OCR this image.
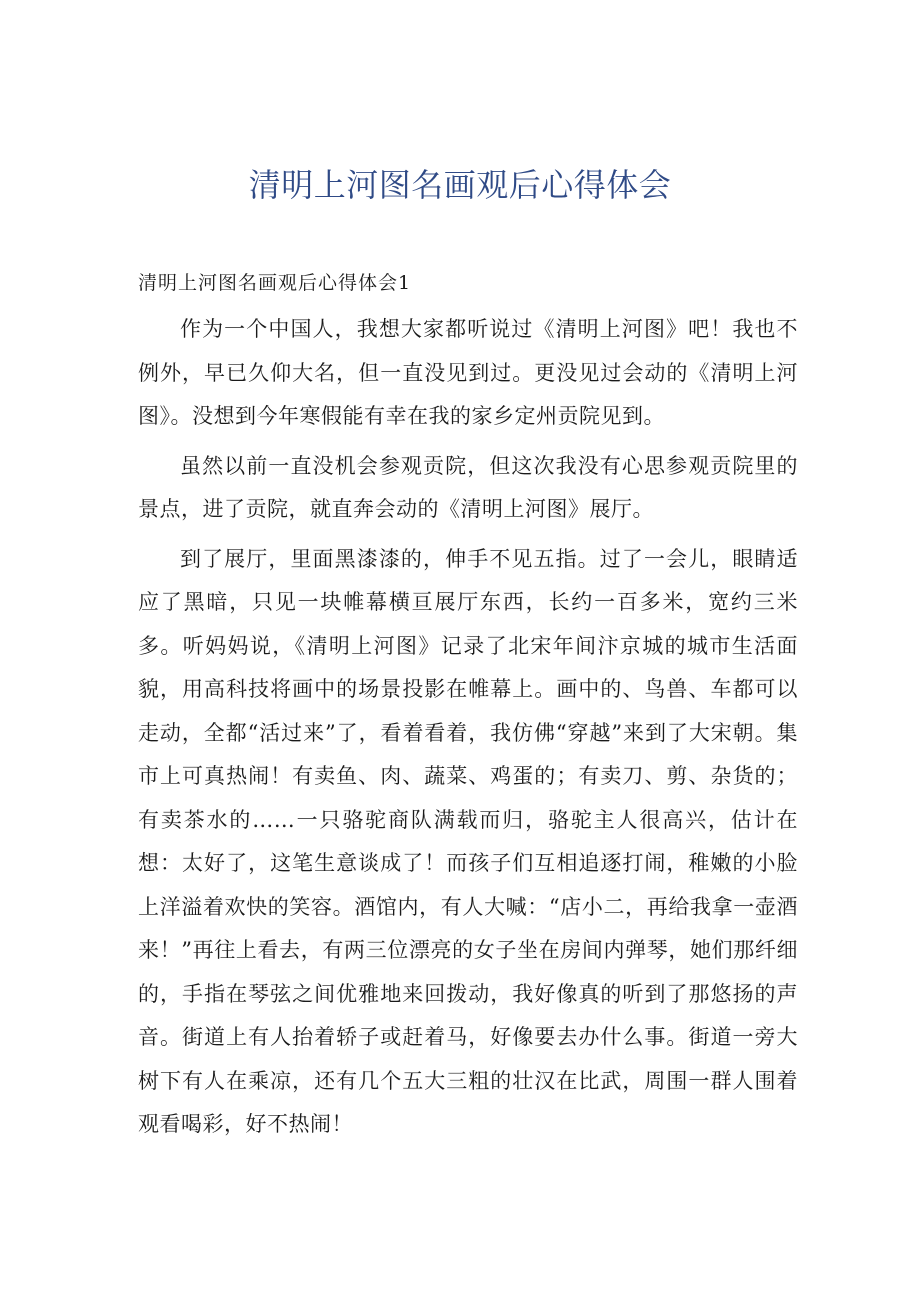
清明上河图名画观后心得体会

清明上河图名画观后心得体会1

作为一个中国人，我想大家都听说过《清明上河图》吧！我也不例外，早已久仰大名，但一直没见到过。更没见过会动的《清明上河图》。没想到今年寒假能有幸在我的家乡定州贡院见到。

虽然以前一直没机会参观贡院，但这次我没有心思参观贡院里的景点，进了贡院，就直奔会动的《清明上河图》展厅。

到了展厅，里面黑漆漆的，伸手不见五指。过了一会儿，眼睛适应了黑暗，只见一块帷幕横亘展厅东西，长约一百多米，宽约三米多。听妈妈说，《清明上河图》记录了北宋年间汴京城的城市生活面貌，用高科技将画中的场景投影在帷幕上。画中的、鸟兽、车都可以走动，全都“活过来”了，看着看着，我仿佛“穿越”来到了大宋朝。集市上可真热闹！有卖鱼、肉、蔬菜、鸡蛋的；有卖刀、剪、杂货的；有卖茶水的……一只骆驼商队满载而归，骆驼主人很高兴，估计在想：太好了，这笔生意谈成了！而孩子们互相追逐打闹，稚嫩的小脸上洋溢着欢快的笑容。酒馆内，有人大喊：“店小二，再给我拿一壶酒来！”再往上看去，有两三位漂亮的女子坐在房间内弹琴，她们那纤细的，手指在琴弦之间优雅地来回拨动，我好像真的听到了那悠扬的声音。街道上有人抬着轿子或赶着马，好像要去办什么事。街道一旁大树下有人在乘凉，还有几个五大三粗的壮汉在比武，周围一群人围着观看喝彩，好不热闹！
